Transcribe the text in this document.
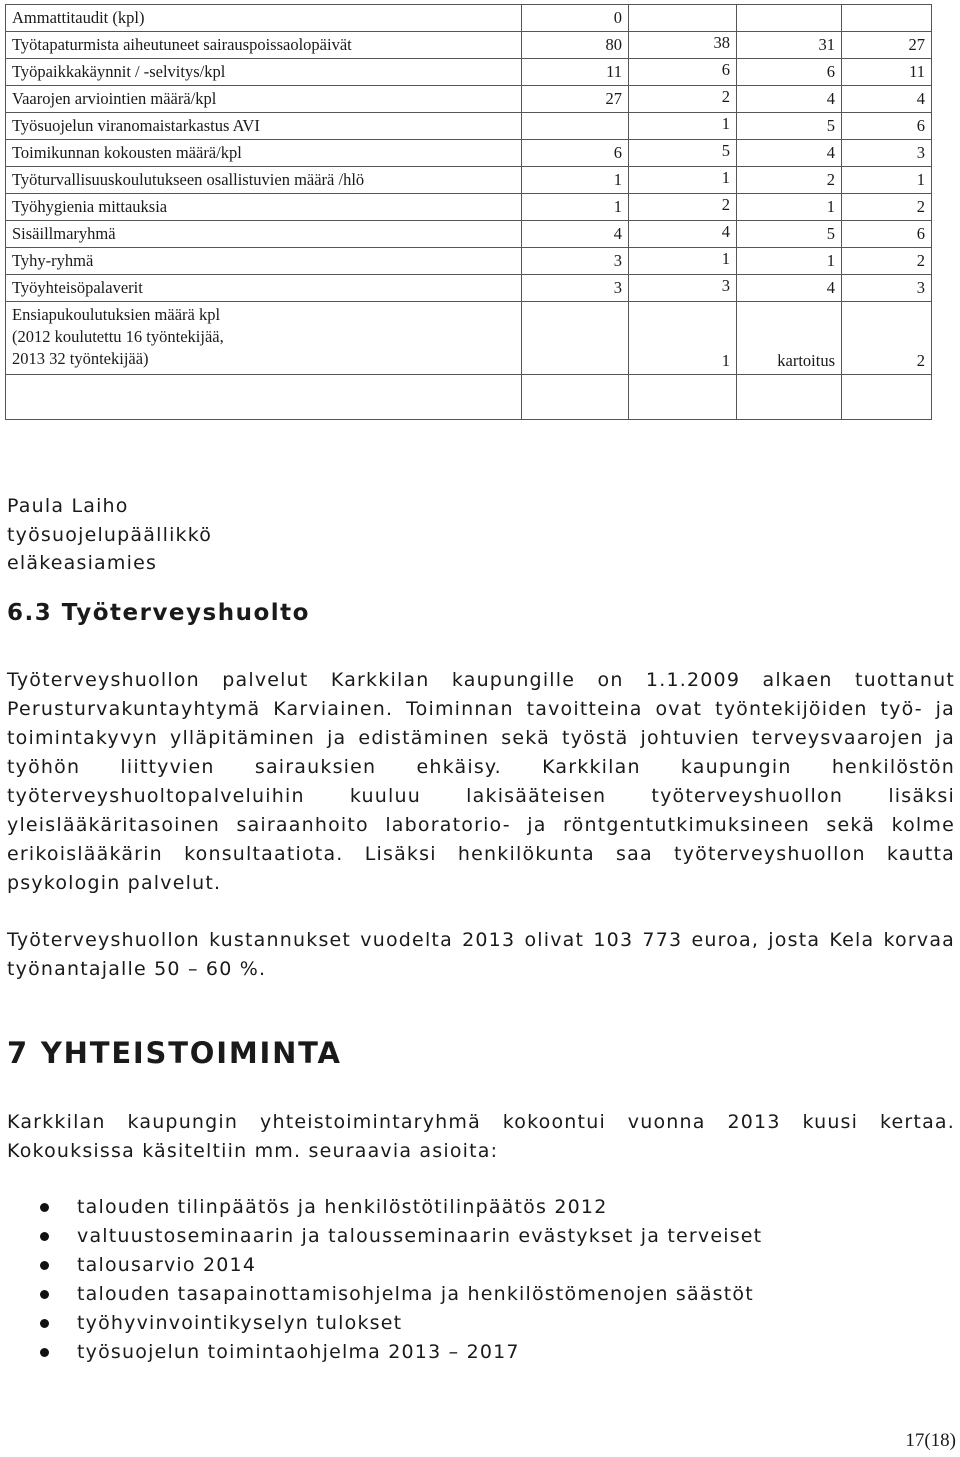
Ammattitaudit (kpl)	0			
Työtapaturmista aiheutuneet sairauspoissaolopäivät	80	38	31	27
Työpaikkakäynnit / -selvitys/kpl	11	6	6	11
Vaarojen arviointien määrä/kpl	27	2	4	4
Työsuojelun viranomaistarkastus AVI		1	5	6
Toimikunnan kokousten määrä/kpl	6	5	4	3
Työturvallisuuskoulutukseen osallistuvien määrä /hlö	1	1	2	1
Työhygienia mittauksia	1	2	1	2
Sisäillmaryhmä	4	4	5	6
Tyhy-ryhmä	3	1	1	2
Työyhteisöpalaverit	3	3	4	3

Ensiapukoulutuksien määrä kpl
(2012 koulutettu 16 työntekijää,
2013 32 työntekijää)		1	kartoitus	2

Paula Laiho
työsuojelupäällikkö
eläkeasiamies
6.3 Työterveyshuolto
Työterveyshuollon palvelut Karkkilan kaupungille on 1.1.2009 alkaen tuottanut Perusturvakuntayhtymä Karviainen. Toiminnan tavoitteina ovat työntekijöiden työ- ja toimintakyvyn ylläpitäminen ja edistäminen sekä työstä johtuvien terveysvaarojen ja työhön liittyvien sairauksien ehkäisy. Karkkilan kaupungin henkilöstön työterveyshuoltopalveluihin kuuluu lakisääteisen työterveyshuollon lisäksi yleislääkäritasoinen sairaanhoito laboratorio- ja röntgentutkimuksineen sekä kolme erikoislääkärin konsultaatiota. Lisäksi henkilökunta saa työterveyshuollon kautta psykologin palvelut.
Työterveyshuollon kustannukset vuodelta 2013 olivat 103 773 euroa, josta Kela korvaa työnantajalle 50 – 60 %.
7 YHTEISTOIMINTA
Karkkilan kaupungin yhteistoimintaryhmä kokoontui vuonna 2013 kuusi kertaa. Kokouksissa käsiteltiin mm. seuraavia asioita:
talouden tilinpäätös ja henkilöstötilinpäätös 2012
valtuustoseminaarin ja talousseminaarin evästykset ja terveiset
talousarvio 2014
talouden tasapainottamisohjelma ja henkilöstömenojen säästöt
työhyvinvointikyselyn tulokset
työsuojelun toimintaohjelma 2013 – 2017
17(18)
